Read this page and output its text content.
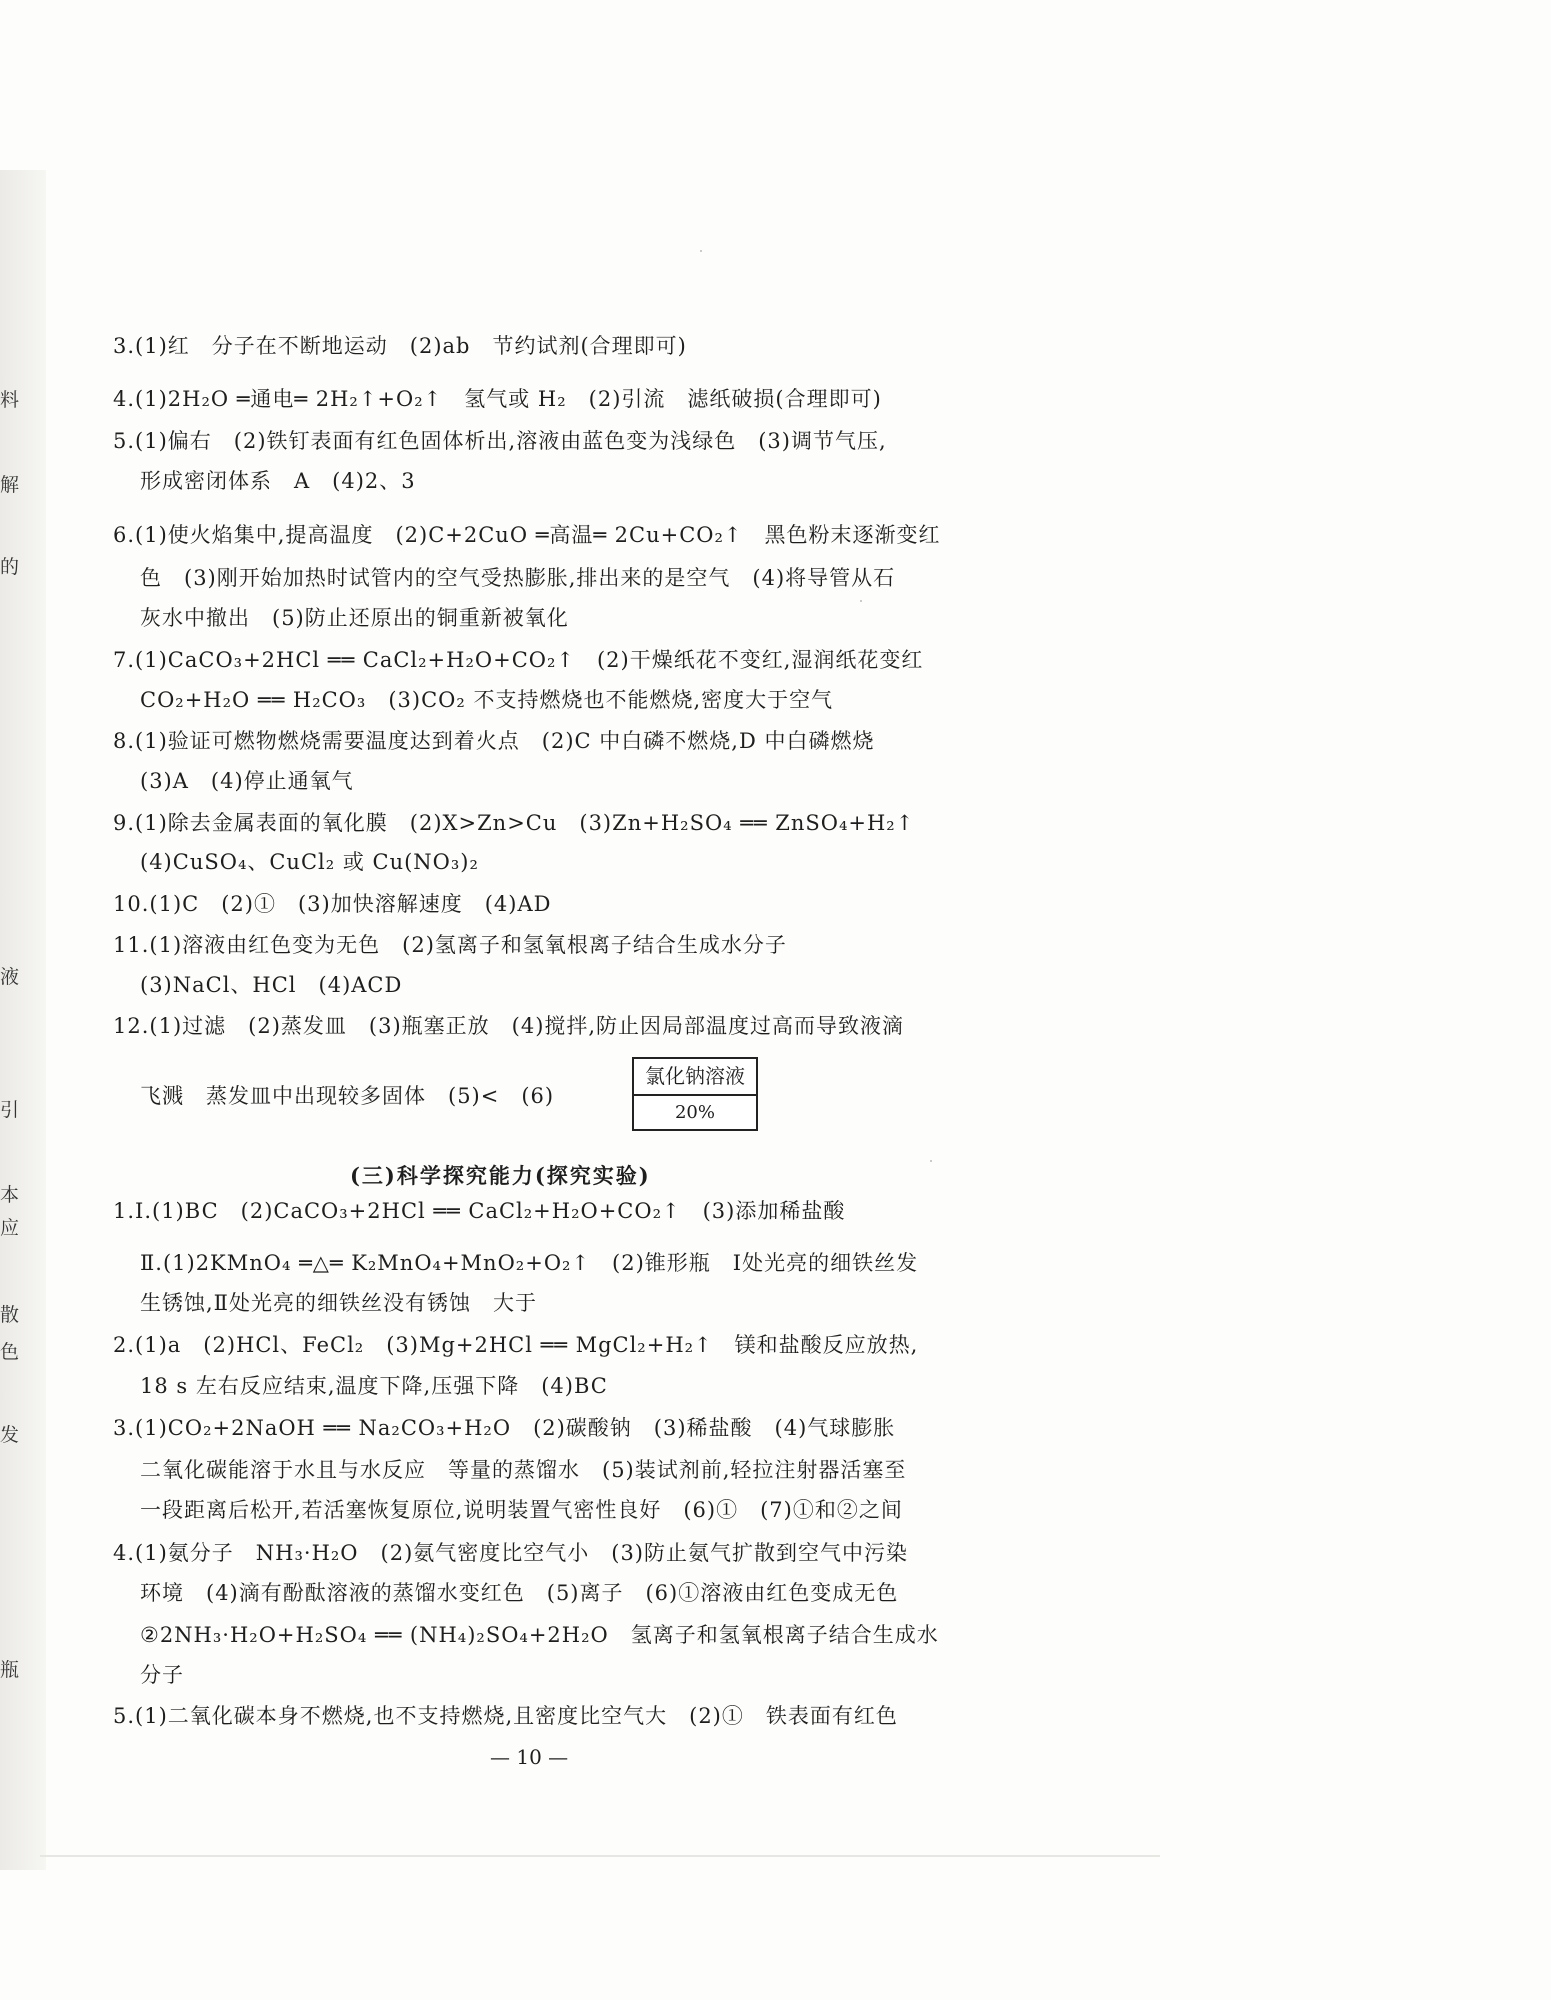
料
解
的
液
引
本
应
散
色
发
瓶
3.(1)红　分子在不断地运动　(2)ab　节约试剂(合理即可)
4.(1)2H₂O ═通电═ 2H₂↑+O₂↑　氢气或 H₂　(2)引流　滤纸破损(合理即可)
5.(1)偏右　(2)铁钉表面有红色固体析出,溶液由蓝色变为浅绿色　(3)调节气压,
形成密闭体系　A　(4)2、3
6.(1)使火焰集中,提高温度　(2)C+2CuO ═高温═ 2Cu+CO₂↑　黑色粉末逐渐变红
色　(3)刚开始加热时试管内的空气受热膨胀,排出来的是空气　(4)将导管从石
灰水中撤出　(5)防止还原出的铜重新被氧化
7.(1)CaCO₃+2HCl ══ CaCl₂+H₂O+CO₂↑　(2)干燥纸花不变红,湿润纸花变红
CO₂+H₂O ══ H₂CO₃　(3)CO₂ 不支持燃烧也不能燃烧,密度大于空气
8.(1)验证可燃物燃烧需要温度达到着火点　(2)C 中白磷不燃烧,D 中白磷燃烧
(3)A　(4)停止通氧气
9.(1)除去金属表面的氧化膜　(2)X>Zn>Cu　(3)Zn+H₂SO₄ ══ ZnSO₄+H₂↑
(4)CuSO₄、CuCl₂ 或 Cu(NO₃)₂
10.(1)C　(2)①　(3)加快溶解速度　(4)AD
11.(1)溶液由红色变为无色　(2)氢离子和氢氧根离子结合生成水分子
(3)NaCl、HCl　(4)ACD
12.(1)过滤　(2)蒸发皿　(3)瓶塞正放　(4)搅拌,防止因局部温度过高而导致液滴
飞溅　蒸发皿中出现较多固体　(5)<　(6)
氯化钠溶液
20%
(三)科学探究能力(探究实验)
1.Ⅰ.(1)BC　(2)CaCO₃+2HCl ══ CaCl₂+H₂O+CO₂↑　(3)添加稀盐酸
Ⅱ.(1)2KMnO₄ ═△═ K₂MnO₄+MnO₂+O₂↑　(2)锥形瓶　Ⅰ处光亮的细铁丝发
生锈蚀,Ⅱ处光亮的细铁丝没有锈蚀　大于
2.(1)a　(2)HCl、FeCl₂　(3)Mg+2HCl ══ MgCl₂+H₂↑　镁和盐酸反应放热,
18 s 左右反应结束,温度下降,压强下降　(4)BC
3.(1)CO₂+2NaOH ══ Na₂CO₃+H₂O　(2)碳酸钠　(3)稀盐酸　(4)气球膨胀
二氧化碳能溶于水且与水反应　等量的蒸馏水　(5)装试剂前,轻拉注射器活塞至
一段距离后松开,若活塞恢复原位,说明装置气密性良好　(6)①　(7)①和②之间
4.(1)氨分子　NH₃·H₂O　(2)氨气密度比空气小　(3)防止氨气扩散到空气中污染
环境　(4)滴有酚酞溶液的蒸馏水变红色　(5)离子　(6)①溶液由红色变成无色
②2NH₃·H₂O+H₂SO₄ ══ (NH₄)₂SO₄+2H₂O　氢离子和氢氧根离子结合生成水
分子
5.(1)二氧化碳本身不燃烧,也不支持燃烧,且密度比空气大　(2)①　铁表面有红色
— 10 —
